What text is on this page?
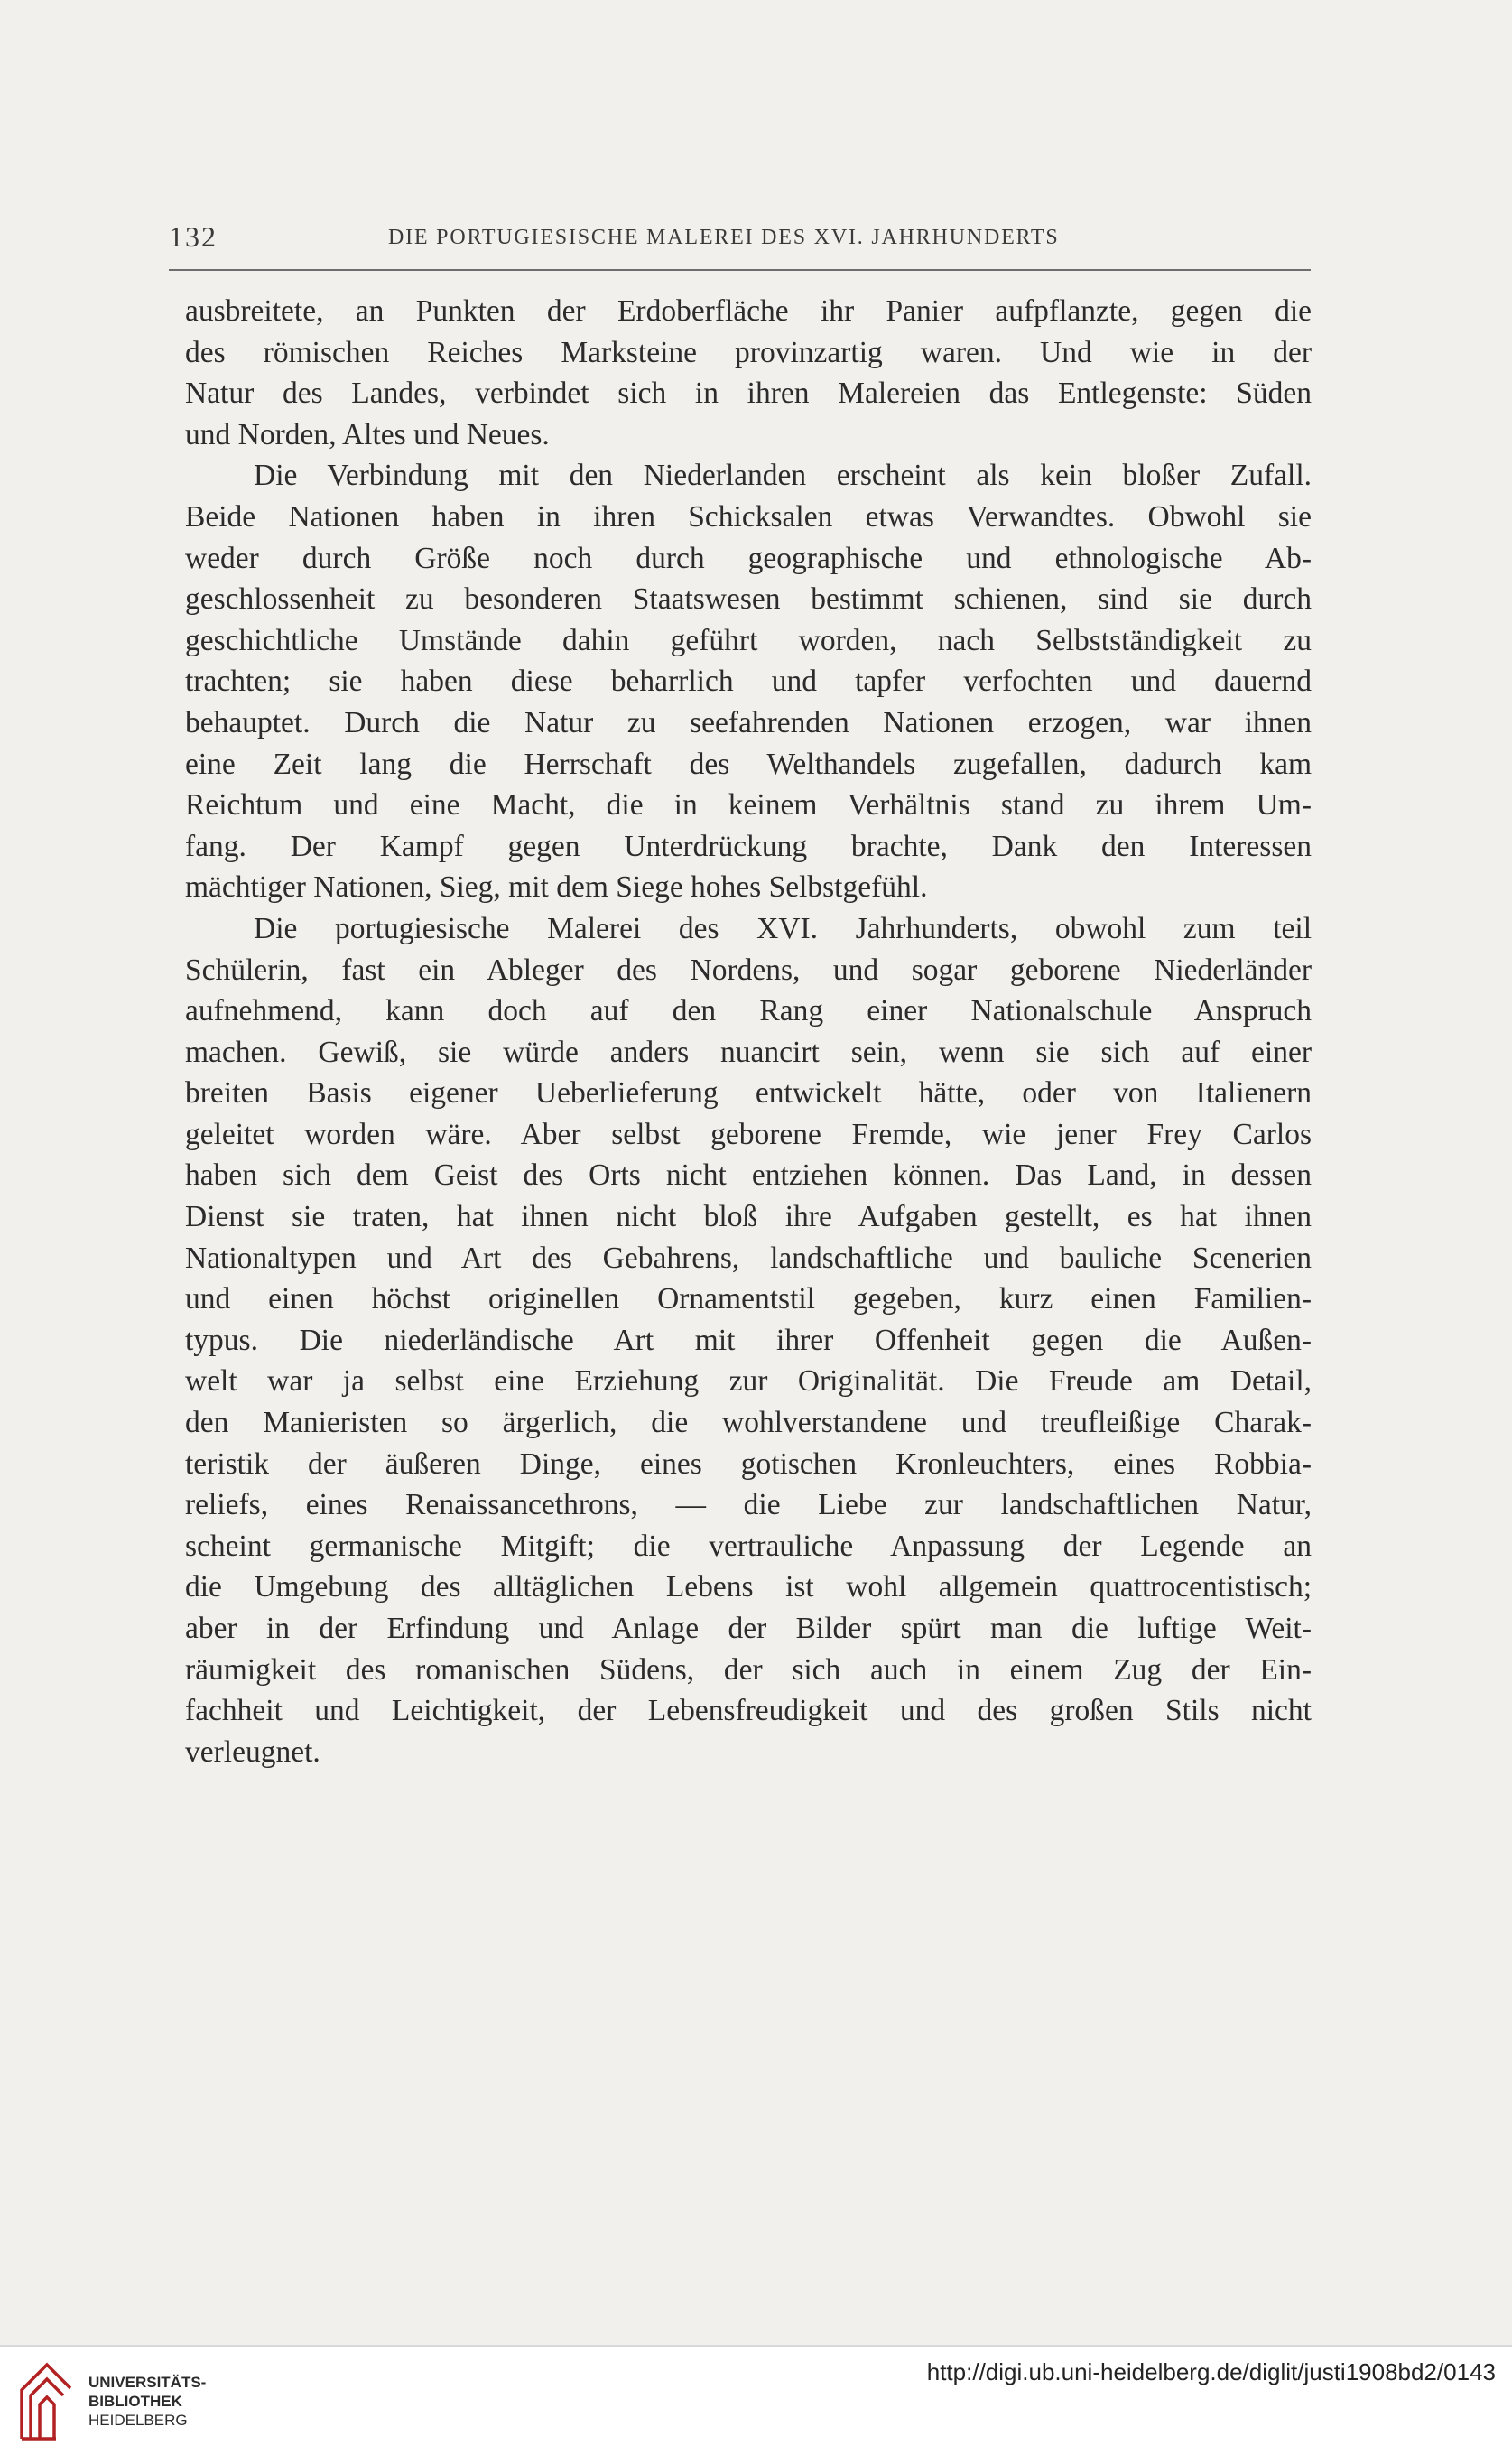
132	DIE PORTUGIESISCHE MALEREI DES XVI. JAHRHUNDERTS
ausbreitete, an Punkten der Erdoberfläche ihr Panier aufpflanzte, gegen die
des römischen Reiches Marksteine provinzartig waren. Und wie in der
Natur des Landes, verbindet sich in ihren Malereien das Entlegenste: Süden
und Norden, Altes und Neues.
Die Verbindung mit den Niederlanden erscheint als kein bloßer Zufall.
Beide Nationen haben in ihren Schicksalen etwas Verwandtes. Obwohl sie
weder durch Größe noch durch geographische und ethnologische Ab-
geschlossenheit zu besonderen Staatswesen bestimmt schienen, sind sie durch
geschichtliche Umstände dahin geführt worden, nach Selbstständigkeit zu
trachten; sie haben diese beharrlich und tapfer verfochten und dauernd
behauptet. Durch die Natur zu seefahrenden Nationen erzogen, war ihnen
eine Zeit lang die Herrschaft des Welthandels zugefallen, dadurch kam
Reichtum und eine Macht, die in keinem Verhältnis stand zu ihrem Um-
fang. Der Kampf gegen Unterdrückung brachte, Dank den Interessen
mächtiger Nationen, Sieg, mit dem Siege hohes Selbstgefühl.
Die portugiesische Malerei des XVI. Jahrhunderts, obwohl zum teil
Schülerin, fast ein Ableger des Nordens, und sogar geborene Niederländer
aufnehmend, kann doch auf den Rang einer Nationalschule Anspruch
machen. Gewiß, sie würde anders nuancirt sein, wenn sie sich auf einer
breiten Basis eigener Ueberlieferung entwickelt hätte, oder von Italienern
geleitet worden wäre. Aber selbst geborene Fremde, wie jener Frey Carlos
haben sich dem Geist des Orts nicht entziehen können. Das Land, in dessen
Dienst sie traten, hat ihnen nicht bloß ihre Aufgaben gestellt, es hat ihnen
Nationaltypen und Art des Gebahrens, landschaftliche und bauliche Scenerien
und einen höchst originellen Ornamentstil gegeben, kurz einen Familien-
typus. Die niederländische Art mit ihrer Offenheit gegen die Außen-
welt war ja selbst eine Erziehung zur Originalität. Die Freude am Detail,
den Manieristen so ärgerlich, die wohlverstandene und treufleißige Charak-
teristik der äußeren Dinge, eines gotischen Kronleuchters, eines Robbia-
reliefs, eines Renaissancethrons, — die Liebe zur landschaftlichen Natur,
scheint germanische Mitgift; die vertrauliche Anpassung der Legende an
die Umgebung des alltäglichen Lebens ist wohl allgemein quattrocentistisch;
aber in der Erfindung und Anlage der Bilder spürt man die luftige Weit-
räumigkeit des romanischen Südens, der sich auch in einem Zug der Ein-
fachheit und Leichtigkeit, der Lebensfreudigkeit und des großen Stils nicht
verleugnet.
UNIVERSITÄTS-
BIBLIOTHEK
HEIDELBERG
http://digi.ub.uni-heidelberg.de/diglit/justi1908bd2/0143
